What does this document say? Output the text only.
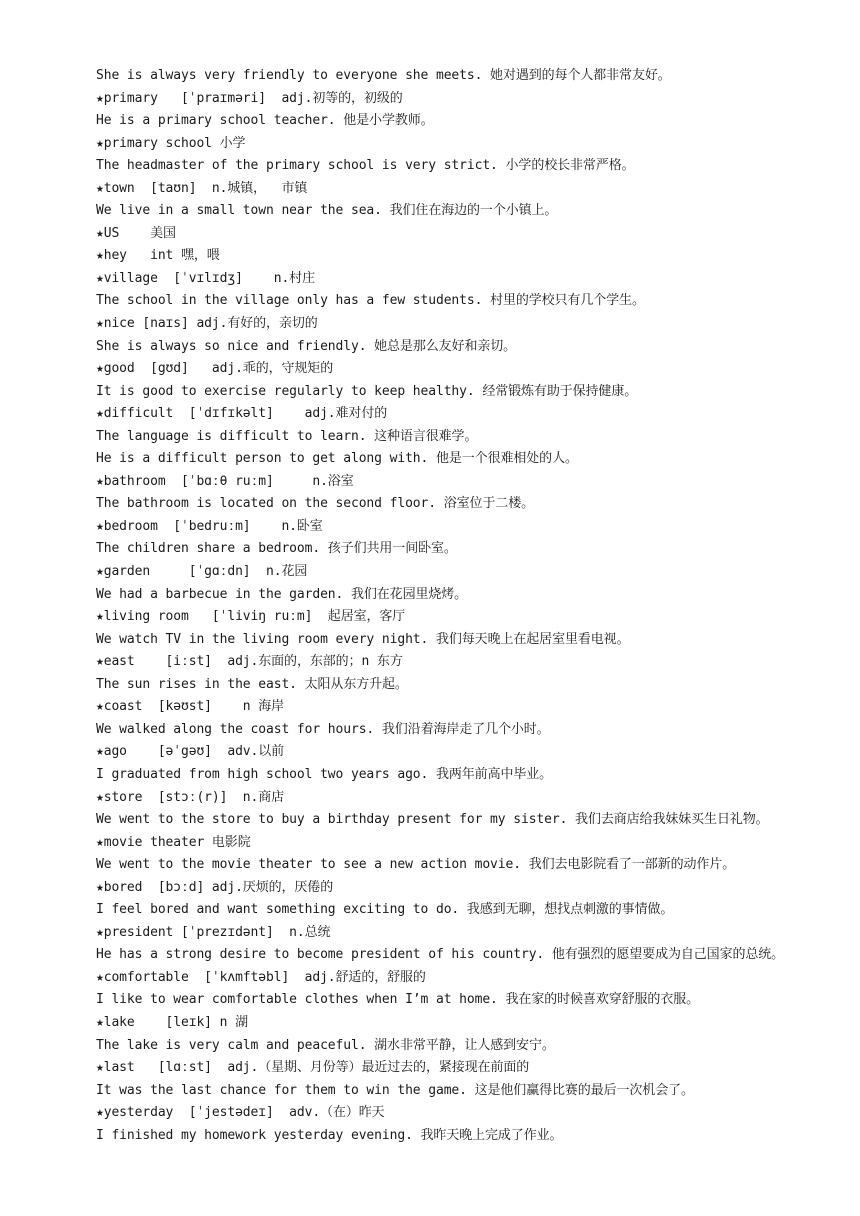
She is always very friendly to everyone she meets. 她对遇到的每个人都非常友好。
★primary   [ˈpraɪməri]  adj.初等的，初级的
He is a primary school teacher. 他是小学教师。
★primary school 小学
The headmaster of the primary school is very strict. 小学的校长非常严格。
★town  [taʊn]  n.城镇，  市镇
We live in a small town near the sea. 我们住在海边的一个小镇上。
★US    美国
★hey   int 嘿，喂
★village  [ˈvɪlɪdʒ]    n.村庄
The school in the village only has a few students. 村里的学校只有几个学生。
★nice [naɪs] adj.有好的，亲切的
She is always so nice and friendly. 她总是那么友好和亲切。
★good  [gʊd]   adj.乖的，守规矩的
It is good to exercise regularly to keep healthy. 经常锻炼有助于保持健康。
★difficult  [ˈdɪfɪkəlt]    adj.难对付的
The language is difficult to learn. 这种语言很难学。
He is a difficult person to get along with. 他是一个很难相处的人。
★bathroom  [ˈbɑːθ ruːm]     n.浴室
The bathroom is located on the second floor. 浴室位于二楼。
★bedroom  [ˈbedruːm]    n.卧室
The children share a bedroom. 孩子们共用一间卧室。
★garden     [ˈgɑːdn]  n.花园
We had a barbecue in the garden. 我们在花园里烧烤。
★living room   [ˈliviŋ ruːm]  起居室，客厅
We watch TV in the living room every night. 我们每天晚上在起居室里看电视。
★east    [iːst]  adj.东面的，东部的；n 东方
The sun rises in the east. 太阳从东方升起。
★coast  [kəʊst]    n 海岸
We walked along the coast for hours. 我们沿着海岸走了几个小时。
★ago    [əˈgəʊ]  adv.以前
I graduated from high school two years ago. 我两年前高中毕业。
★store  [stɔː(r)]  n.商店
We went to the store to buy a birthday present for my sister. 我们去商店给我妹妹买生日礼物。
★movie theater 电影院
We went to the movie theater to see a new action movie. 我们去电影院看了一部新的动作片。
★bored  [bɔːd] adj.厌烦的，厌倦的
I feel bored and want something exciting to do. 我感到无聊，想找点刺激的事情做。
★president [ˈprezɪdənt]  n.总统
He has a strong desire to become president of his country. 他有强烈的愿望要成为自己国家的总统。
★comfortable  [ˈkʌmftəbl]  adj.舒适的，舒服的
I like to wear comfortable clothes when I’m at home. 我在家的时候喜欢穿舒服的衣服。
★lake    [leɪk] n 湖
The lake is very calm and peaceful. 湖水非常平静，让人感到安宁。
★last   [lɑːst]  adj.（星期、月份等）最近过去的，紧接现在前面的
It was the last chance for them to win the game. 这是他们赢得比赛的最后一次机会了。
★yesterday  [ˈjestədeɪ]  adv.（在）昨天
I finished my homework yesterday evening. 我昨天晚上完成了作业。
